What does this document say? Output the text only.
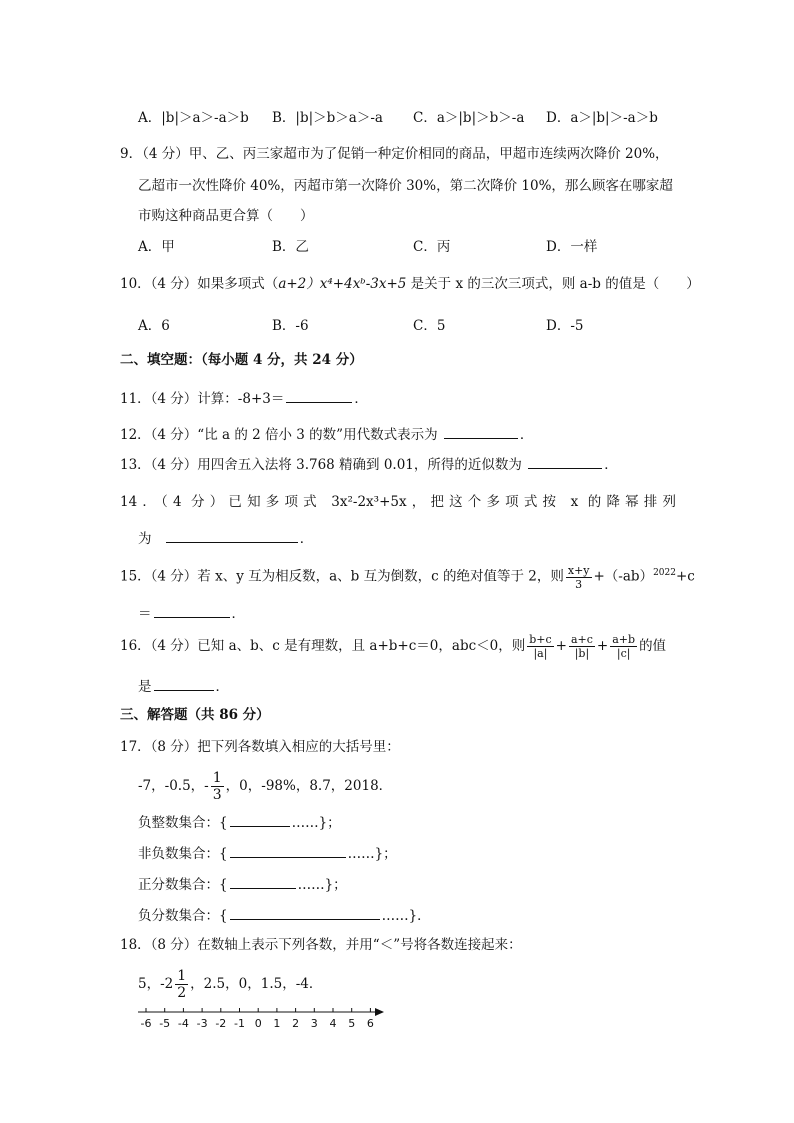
A．|b|＞a＞-a＞b B．|b|＞b＞a＞-a C．a＞|b|＞b＞-a D．a＞|b|＞-a＞b
9．（4 分）甲、乙、丙三家超市为了促销一种定价相同的商品，甲超市连续两次降价 20%，
乙超市一次性降价 40%，丙超市第一次降价 30%，第二次降价 10%，那么顾客在哪家超
市购这种商品更合算（　　）
A．甲	B．乙	C．丙	D．一样
10．（4 分）如果多项式（a+2）x⁴+4xᵇ-3x+5 是关于 x 的三次三项式，则 a-b 的值是（　　）
A．6	B．-6	C．5	D．-5
二、填空题：（每小题 4 分，共 24 分）
11．（4 分）计算：-8+3＝	．
12．（4 分）“比 a 的 2 倍小 3 的数”用代数式表示为	．
13．（4 分）用四舍五入法将 3.768 精确到 0.01，所得的近似数为	．
14．（4 分）已知多项式 3x²-2x³+5x，把这个多项式按 x 的降幂排列
为	．
15．（4 分）若 x、y 互为相反数，a、b 互为倒数，c 的绝对值等于 2，则 $\frac{x+y}{3} +(-ab)^{2022}+c$
＝	．
16．（4 分）已知 a、b、c 是有理数，且 a+b+c＝0，abc＜0，则 $\frac{b+c}{|a|} + \frac{a+c}{|b|} + \frac{a+b}{|c|}$ 的值
是	．
三、解答题（共 86 分）
17．（8 分）把下列各数填入相应的大括号里：
-7，-0.5，- $\frac{1}{3}$ ，0，-98%，8.7，2018．
负整数集合：{	……}；
非负数集合：{	……}；
正分数集合：{	……}；
负分数集合：{	……}．
18．（8 分）在数轴上表示下列各数，并用“＜”号将各数连接起来：
5，$-2 \frac{1}{2}$ ，2.5，0，1.5，-4．
-6 -5 -4 -3 -2 -1 0 1 2 3 4 5 6
